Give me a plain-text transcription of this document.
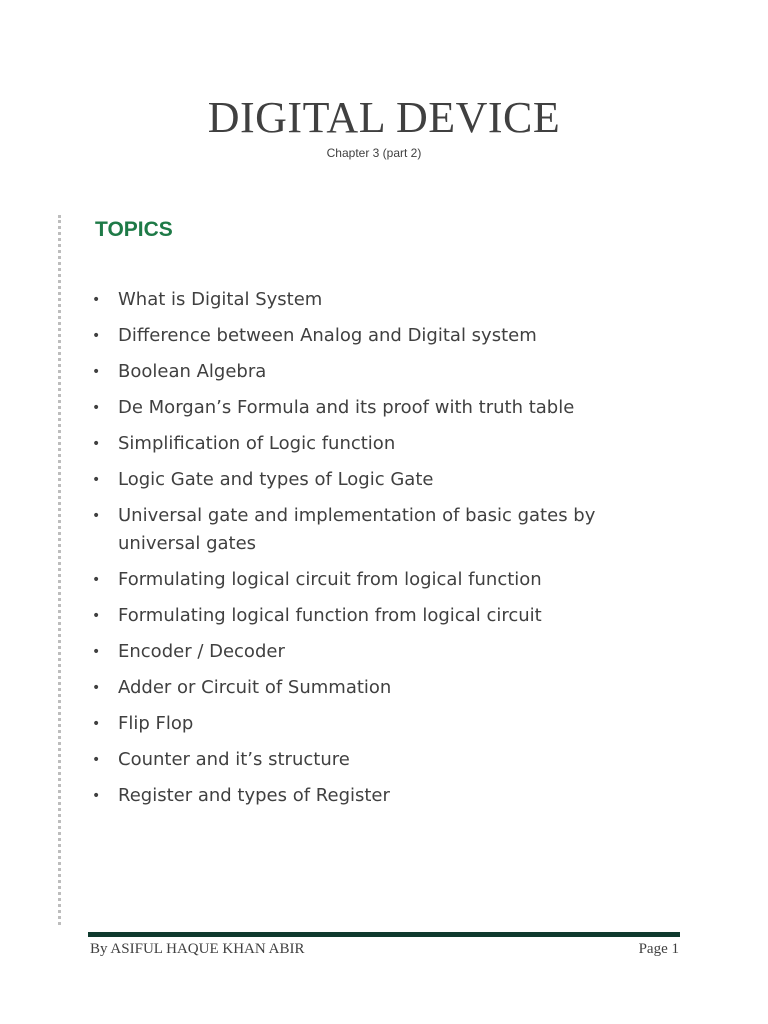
DIGITAL DEVICE
Chapter 3 (part 2)
TOPICS
• What is Digital System
• Difference between Analog and Digital system
• Boolean Algebra
• De Morgan’s Formula and its proof with truth table
• Simplification of Logic function
• Logic Gate and types of Logic Gate
• Universal gate and implementation of basic gates by universal gates
• Formulating logical circuit from logical function
• Formulating logical function from logical circuit
• Encoder / Decoder
• Adder or Circuit of Summation
• Flip Flop
• Counter and it’s structure
• Register and types of Register
By ASIFUL HAQUE KHAN ABIR	Page 1
